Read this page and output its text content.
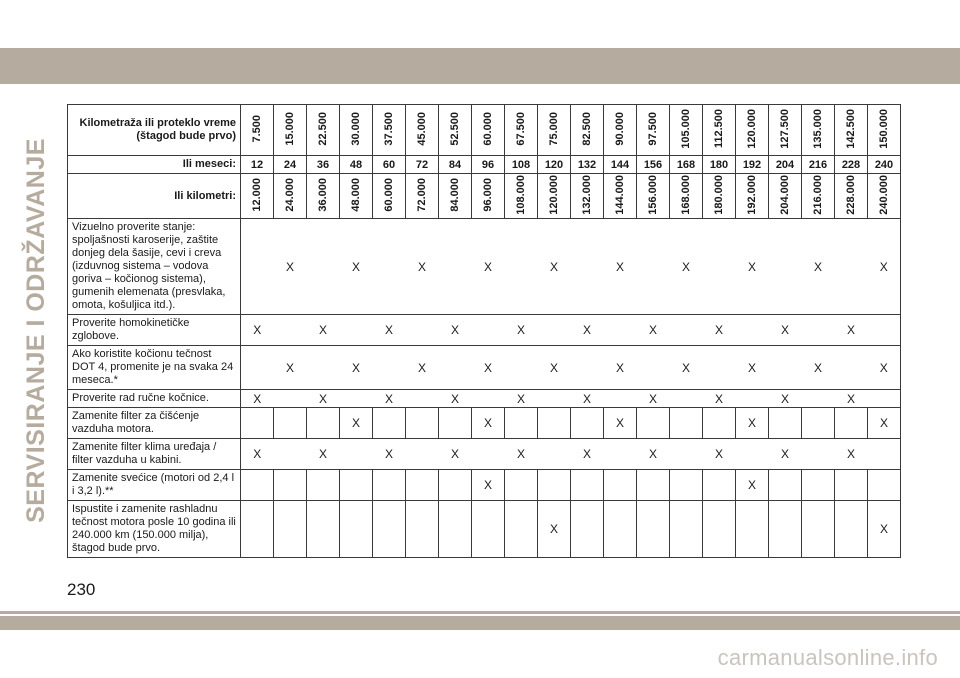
SERVISIRANJE I ODRŽAVANJE
Kilometraža ili proteklo vreme (štagod bude prvo)	7.500	15.000	22.500	30.000	37.500	45.000	52.500	60.000	67.500	75.000	82.500	90.000	97.500	105.000	112.500	120.000	127.500	135.000	142.500	150.000
Ili meseci:	12	24	36	48	60	72	84	96	108	120	132	144	156	168	180	192	204	216	228	240
Ili kilometri:	12.000	24.000	36.000	48.000	60.000	72.000	84.000	96.000	108.000	120.000	132.000	144.000	156.000	168.000	180.000	192.000	204.000	216.000	228.000	240.000
Vizuelno proverite stanje: spoljašnosti karoserije, zaštite donjeg dela šasije, cevi i creva (izduvnog sistema – vodova goriva – kočionog sistema), gumenih elemenata (presvlaka, omota, košuljica itd.).		X		X		X		X		X		X		X		X		X		X
Proverite homokinetičke zglobove.	X		X		X		X		X		X		X		X		X		X	
Ako koristite kočionu tečnost DOT 4, promenite je na svaka 24 meseca.*		X		X		X		X		X		X		X		X		X		X
Proverite rad ručne kočnice.	X		X		X		X		X		X		X		X		X		X	
Zamenite filter za čišćenje vazduha motora.				X				X				X				X				X
Zamenite filter klima uređaja / filter vazduha u kabini.	X		X		X		X		X		X		X		X		X		X	
Zamenite svećice (motori od 2,4 l i 3,2 l).**								X								X				
Ispustite i zamenite rashladnu tečnost motora posle 10 godina ili 240.000 km (150.000 milja), štagod bude prvo.										X										X
230
carmanualsonline.info
